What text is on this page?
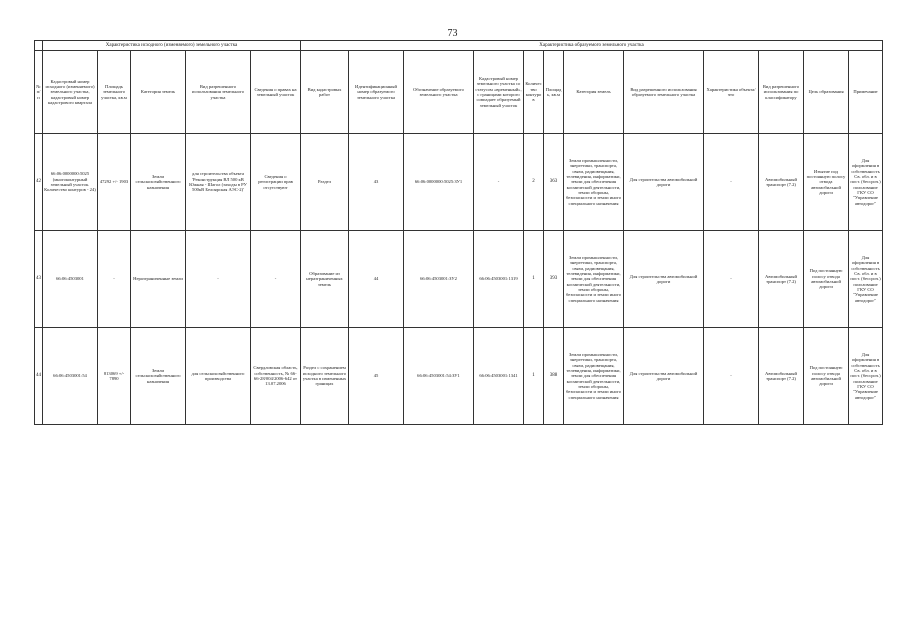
73
	Характеристика исходного (изменяемого) земельного участка					Характеристика образуемого земельного участка											
№ п/п	Кадастровый номер исходного (изменяемого) земельного участка, кадастровый номер кадастрового квартала	Площадь земельного участка, кв.м	Категория земель	Вид разрешенного использования земельного участка	Сведения о правах на земельный участок	Вид кадастровых работ	Идентификационный номер образуемого земельного участка	Обозначение образуемого земельного участка	Кадастровый номер земельного участка со статусом «временный», с границами которого совпадает образуемый земельный участок	Количество контуров	Площадь, кв.м	Категория земель	Вид разрешенного использования образуемого земельного участка	Характеристика объекта/ что	Вид разрешенного использования по классификатору	Цель образования	Примечание
42	66:06:0000000:5025 (многоконтурный земельный участок. Количество контуров - 24)	47292 +/- 1903	Земли сельскохозяйственного назначения	для строительства объекта 'Реконструкция ВЛ 500 кВ Южная - Шагол (заходы в РУ 500кВ Белоярская АЭС-2)'	Сведения о регистрации прав отсутствуют	Раздел	43	66:06:0000000:5025:ЗУ1	-	2	363	Земли промышленности, энергетики, транспорта, связи, радиовещания, телевидения, информатики, земли для обеспечения космической деятельности, земли обороны, безопасности и земли иного специального назначения	Для строительства автомобильной дороги	-	Автомобильный транспорт (7.2)	Изъятие под постоянную полосу отвода автомобильной дороги	Для оформления в собственность Св. обл. и в пост. (бессроч.) пользование ГКУ СО "Управление автодорог"
43	66:06:4503001	-	Неразграниченные земли	-	-	Образование из неразграниченных земель	44	66:06:4503001:ЗУ2	66:06:4503001:1319	1	393	Земли промышленности, энергетики, транспорта, связи, радиовещания, телевидения, информатики, земли для обеспечения космической деятельности, земли обороны, безопасности и земли иного специального назначения	Для строительства автомобильной дороги	-	Автомобильный транспорт (7.2)	Под постоянную полосу отвода автомобильной дороги	Для оформления в собственность Св. обл. и в пост. (бессроч.) пользование ГКУ СО "Управление автодорог"
44	66:06:4503001:54	813069 +/- 7890	Земли сельскохозяйственного назначения	для сельскохозяйственного производства	Свердловская область, собственность, № 66-66-28/004/2006-642 от 13.07.2006	Раздел с сохранением исходного земельного участка в измененных границах	45	66:06:4503001:54:ЗУ1	66:06:4503001:1341	1	388	Земли промышленности, энергетики, транспорта, связи, радиовещания, телевидения, информатики, земли для обеспечения космической деятельности, земли обороны, безопасности и земли иного специального назначения	Для строительства автомобильной дороги	-	Автомобильный транспорт (7.2)	Под постоянную полосу отвода автомобильной дороги	Для оформления в собственность Св. обл. и в пост. (бессроч.) пользование ГКУ СО "Управление автодорог"
